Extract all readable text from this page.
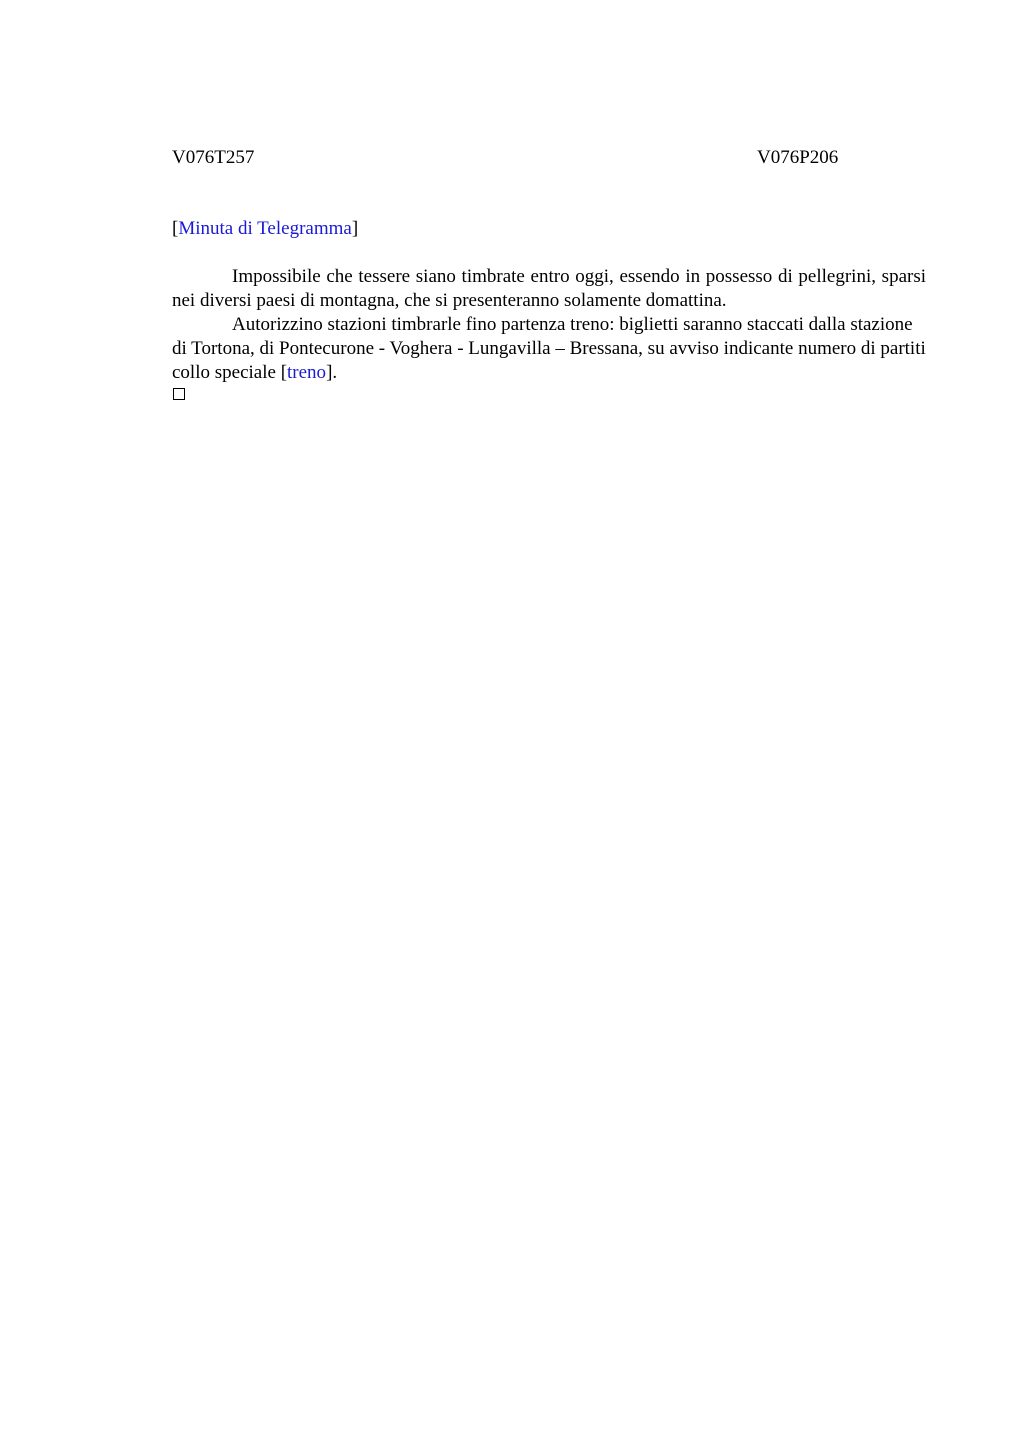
V076T257	V076P206
[Minuta di Telegramma]

Impossibile che tessere siano timbrate entro oggi, essendo in possesso di pellegrini, sparsi nei diversi paesi di montagna, che si presenteranno solamente domattina.

Autorizzino stazioni timbrarle fino partenza treno: biglietti saranno staccati dalla stazione di Tortona, di Pontecurone - Voghera - Lungavilla – Bressana, su avviso indicante numero di partiti collo speciale [treno].
